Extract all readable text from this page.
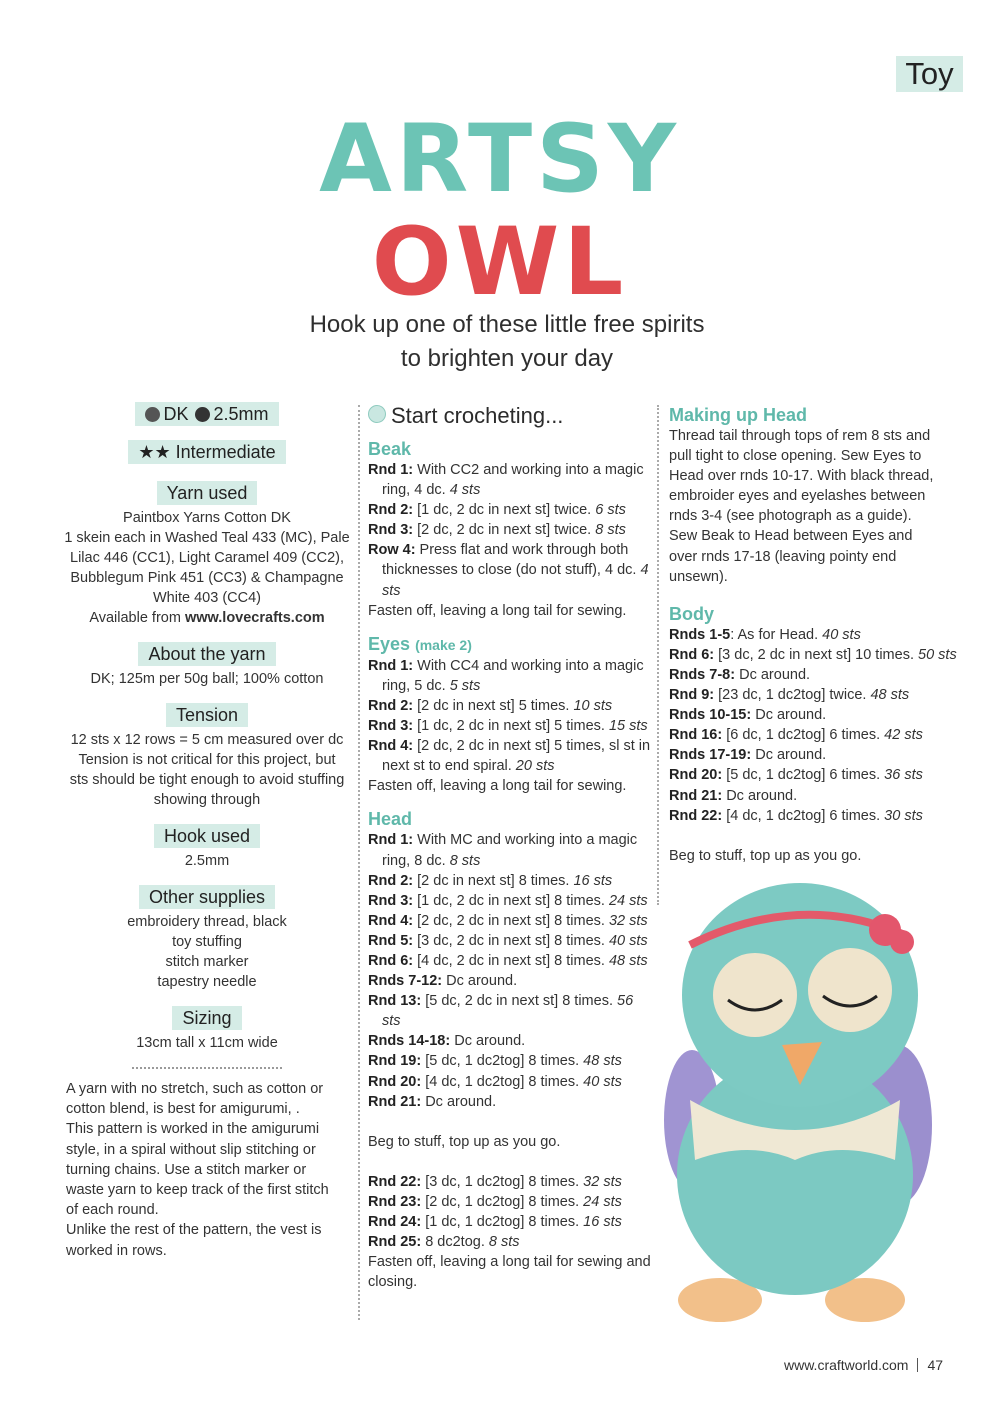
Toy
ARTSY
OWL
Hook up one of these little free spirits
to brighten your day
DK 2.5mm
★★ Intermediate
Yarn used

Paintbox Yarns Cotton DK

1 skein each in Washed Teal 433 (MC), Pale

Lilac 446 (CC1), Light Caramel 409 (CC2),

Bubblegum Pink 451 (CC3) & Champagne

White 403 (CC4)

Available from www.lovecrafts.com

About the yarn

DK; 125m per 50g ball; 100% cotton

Tension

12 sts x 12 rows = 5 cm measured over dc

Tension is not critical for this project, but

sts should be tight enough to avoid stuffing

showing through

Hook used

2.5mm

Other supplies

embroidery thread, black

toy stuffing

stitch marker

tapestry needle

Sizing

13cm tall x 11cm wide

A yarn with no stretch, such as cotton or
cotton blend, is best for amigurumi, .
This pattern is worked in the amigurumi
style, in a spiral without slip stitching or
turning chains. Use a stitch marker or
waste yarn to keep track of the first stitch
of each round.
Unlike the rest of the pattern, the vest is
worked in rows.
Start crocheting...
Beak
Rnd 1: With CC2 and working into a magic ring, 4 dc. 4 sts
Rnd 2: [1 dc, 2 dc in next st] twice. 6 sts
Rnd 3: [2 dc, 2 dc in next st] twice. 8 sts
Row 4: Press flat and work through both thicknesses to close (do not stuff), 4 dc. 4 sts
Fasten off, leaving a long tail for sewing.
Eyes (make 2)
Rnd 1: With CC4 and working into a magic ring, 5 dc. 5 sts
Rnd 2: [2 dc in next st] 5 times. 10 sts
Rnd 3: [1 dc, 2 dc in next st] 5 times. 15 sts
Rnd 4: [2 dc, 2 dc in next st] 5 times, sl st in next st to end spiral. 20 sts
Fasten off, leaving a long tail for sewing.
Head
Rnd 1: With MC and working into a magic ring, 8 dc. 8 sts
Rnd 2: [2 dc in next st] 8 times. 16 sts
Rnd 3: [1 dc, 2 dc in next st] 8 times. 24 sts
Rnd 4: [2 dc, 2 dc in next st] 8 times. 32 sts
Rnd 5: [3 dc, 2 dc in next st] 8 times. 40 sts
Rnd 6: [4 dc, 2 dc in next st] 8 times. 48 sts
Rnds 7-12: Dc around.
Rnd 13: [5 dc, 2 dc in next st] 8 times. 56 sts
Rnds 14-18: Dc around.
Rnd 19: [5 dc, 1 dc2tog] 8 times. 48 sts
Rnd 20: [4 dc, 1 dc2tog] 8 times. 40 sts
Rnd 21: Dc around.
Beg to stuff, top up as you go.
Rnd 22: [3 dc, 1 dc2tog] 8 times. 32 sts
Rnd 23: [2 dc, 1 dc2tog] 8 times. 24 sts
Rnd 24: [1 dc, 1 dc2tog] 8 times. 16 sts
Rnd 25: 8 dc2tog. 8 sts
Fasten off, leaving a long tail for sewing and closing.
Making up Head
Thread tail through tops of rem 8 sts and pull tight to close opening. Sew Eyes to Head over rnds 10-17. With black thread, embroider eyes and eyelashes between rnds 3-4 (see photograph as a guide). Sew Beak to Head between Eyes and over rnds 17-18 (leaving pointy end unsewn).
Body
Rnds 1-5: As for Head. 40 sts
Rnd 6: [3 dc, 2 dc in next st] 10 times. 50 sts
Rnds 7-8: Dc around.
Rnd 9: [23 dc, 1 dc2tog] twice. 48 sts
Rnds 10-15: Dc around.
Rnd 16: [6 dc, 1 dc2tog] 6 times. 42 sts
Rnds 17-19: Dc around.
Rnd 20: [5 dc, 1 dc2tog] 6 times. 36 sts
Rnd 21: Dc around.
Rnd 22: [4 dc, 1 dc2tog] 6 times. 30 sts
Beg to stuff, top up as you go.
www.craftworld.com 47
